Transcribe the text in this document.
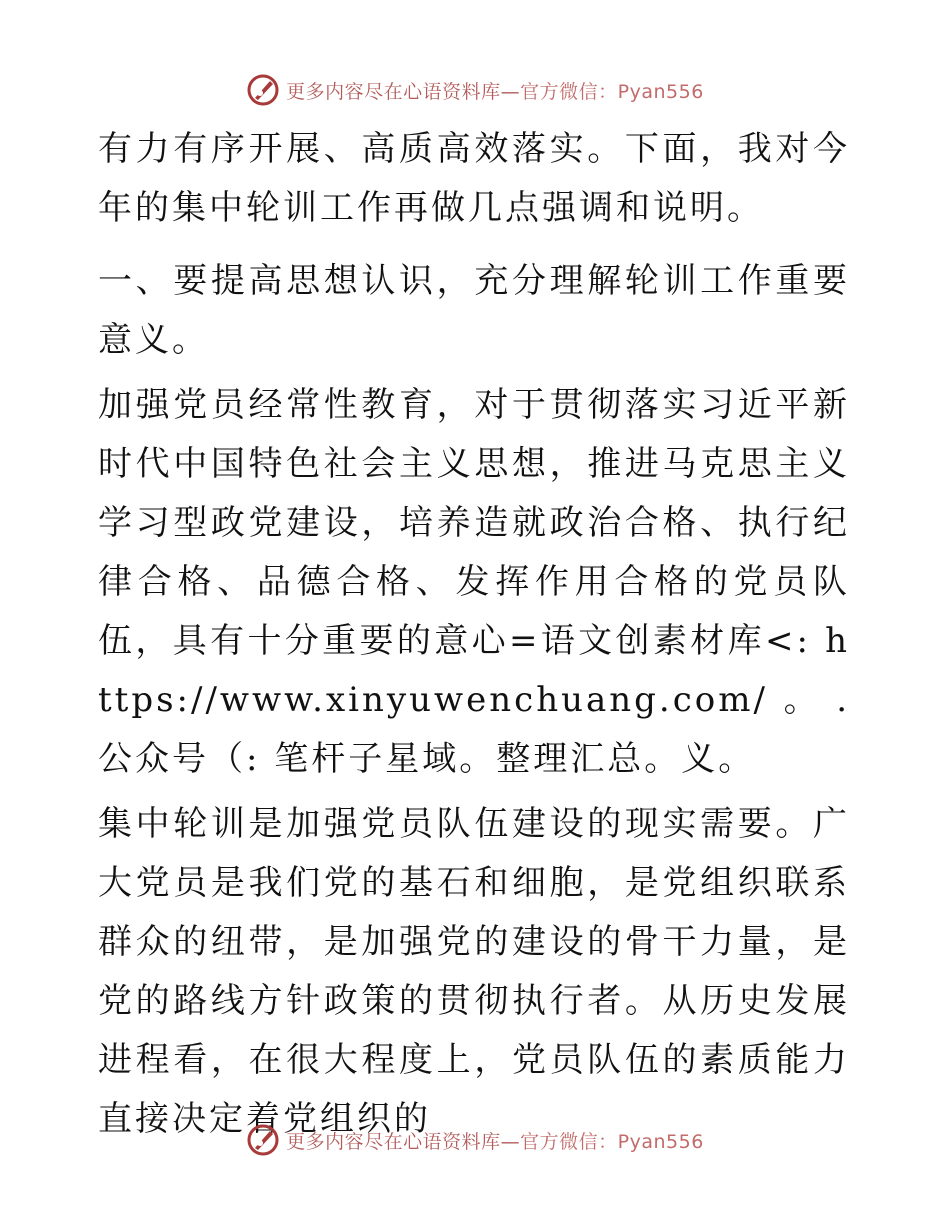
更多内容尽在心语资料库—官方微信：Pyan556

有力有序开展、高质高效落实。下面，我对今年的集中轮训工作再做几点强调和说明。

一、要提高思想认识，充分理解轮训工作重要意义。

加强党员经常性教育，对于贯彻落实习近平新时代中国特色社会主义思想，推进马克思主义学习型政党建设，培养造就政治合格、执行纪律合格、品德合格、发挥作用合格的党员队伍，具有十分重要的意心=语文创素材库<: https://www.xinyuwenchuang.com/。.公众号（: 笔杆子星域。整理汇总。义。

集中轮训是加强党员队伍建设的现实需要。广大党员是我们党的基石和细胞，是党组织联系群众的纽带，是加强党的建设的骨干力量，是党的路线方针政策的贯彻执行者。从历史发展进程看，在很大程度上，党员队伍的素质能力直接决定着党组织的

更多内容尽在心语资料库—官方微信：Pyan556
